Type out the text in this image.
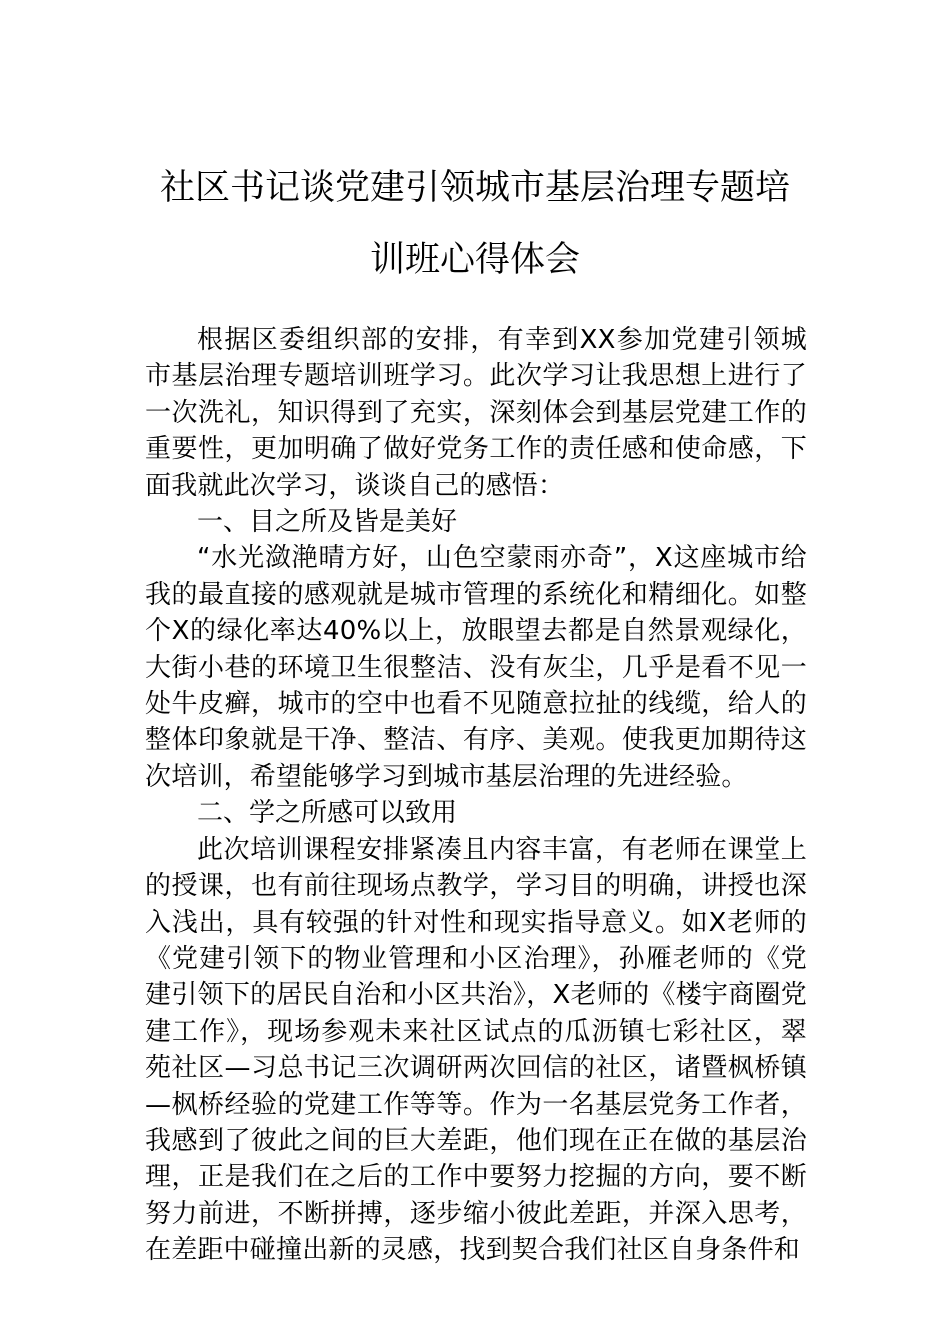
社区书记谈党建引领城市基层治理专题培
训班心得体会

根据区委组织部的安排，有幸到XX参加党建引领城市基层治理专题培训班学习。此次学习让我思想上进行了一次洗礼，知识得到了充实，深刻体会到基层党建工作的重要性，更加明确了做好党务工作的责任感和使命感，下面我就此次学习，谈谈自己的感悟：

一、目之所及皆是美好

“水光潋滟晴方好，山色空蒙雨亦奇”，X这座城市给我的最直接的感观就是城市管理的系统化和精细化。如整个X的绿化率达40%以上，放眼望去都是自然景观绿化，大街小巷的环境卫生很整洁、没有灰尘，几乎是看不见一处牛皮癣，城市的空中也看不见随意拉扯的线缆，给人的整体印象就是干净、整洁、有序、美观。使我更加期待这次培训，希望能够学习到城市基层治理的先进经验。

二、学之所感可以致用

此次培训课程安排紧凑且内容丰富，有老师在课堂上的授课，也有前往现场点教学，学习目的明确，讲授也深入浅出，具有较强的针对性和现实指导意义。如X老师的《党建引领下的物业管理和小区治理》，孙雁老师的《党建引领下的居民自治和小区共治》，X老师的《楼宇商圈党建工作》，现场参观未来社区试点的瓜沥镇七彩社区，翠苑社区—习总书记三次调研两次回信的社区，诸暨枫桥镇—枫桥经验的党建工作等等。作为一名基层党务工作者，我感到了彼此之间的巨大差距，他们现在正在做的基层治理，正是我们在之后的工作中要努力挖掘的方向，要不断努力前进，不断拼搏，逐步缩小彼此差距，并深入思考，在差距中碰撞出新的灵感，找到契合我们社区自身条件和
